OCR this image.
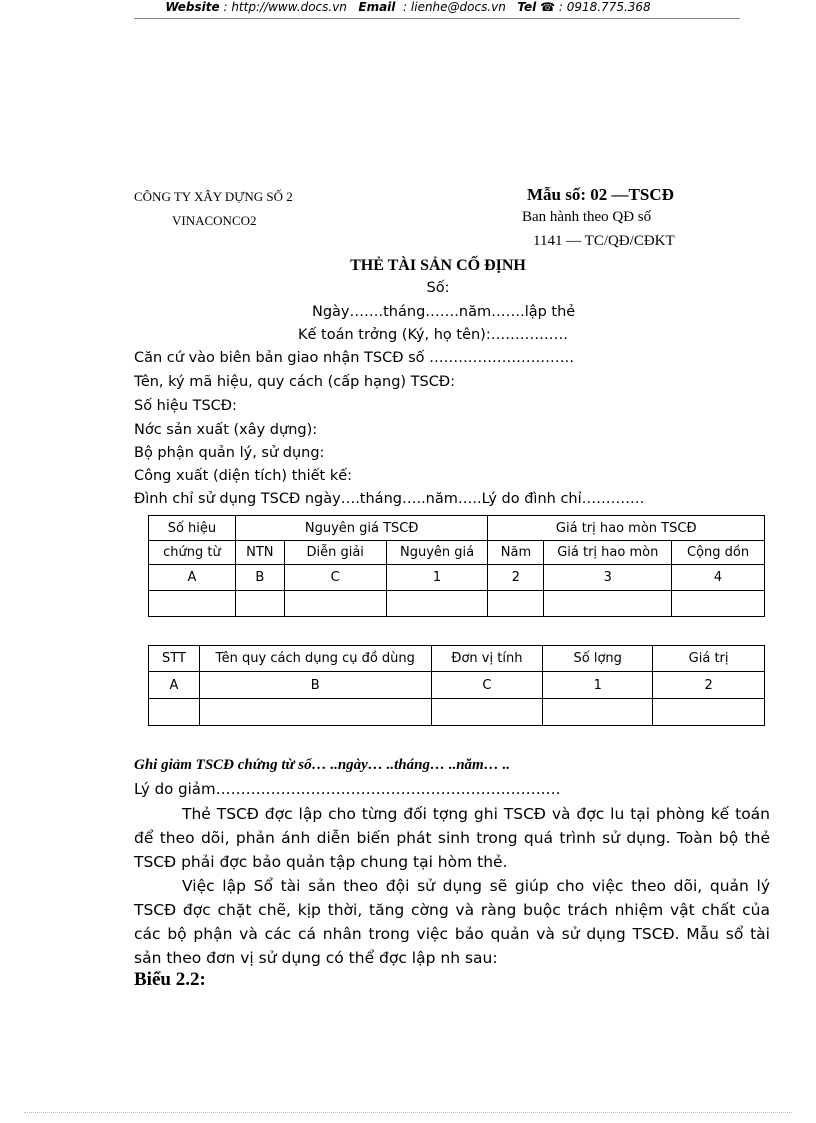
Website : http://www.docs.vn Email : lienhe@docs.vn Tel ☎ : 0918.775.368
CÔNG TY XÂY DỰNG SỐ 2
VINACONCO2
Mẫu số: 02 —TSCĐ
Ban hành theo QĐ số
1141 — TC/QĐ/CĐKT
THẺ TÀI SẢN CỐ ĐỊNH
Số:
Ngày…….tháng…….năm…….lập thẻ
Kế toán trởng (Ký, họ tên):…………….
Căn cứ vào biên bản giao nhận TSCĐ số …………………………
Tên, ký mã hiệu, quy cách (cấp hạng) TSCĐ:
Số hiệu TSCĐ:
Nớc sản xuất (xây dựng):
Bộ phận quản lý, sử dụng:
Công xuất (diện tích) thiết kế:
Đình chỉ sử dụng TSCĐ ngày….tháng…..năm…..Lý do đình chỉ………….
Số hiệu	Nguyên giá TSCĐ			Giá trị hao mòn TSCĐ		
chứng từ	NTN	Diễn giải	Nguyên giá	Năm	Giá trị hao mòn	Cộng dồn
A	B	C	1	2	3	4

STT	Tên quy cách dụng cụ đồ dùng	Đơn vị tính	Số lợng	Giá trị
A	B	C	1	2

Ghi giảm TSCĐ chứng từ số… ..ngày… ..tháng… ..năm… ..
Lý do giảm……………………………………………………………
Thẻ TSCĐ đợc lập cho từng đối tợng ghi TSCĐ và đợc lu tại phòng kế toán để theo dõi, phản ánh diễn biến phát sinh trong quá trình sử dụng. Toàn bộ thẻ TSCĐ phải đợc bảo quản tập chung tại hòm thẻ.
Việc lập Sổ tài sản theo đội sử dụng sẽ giúp cho việc theo dõi, quản lý TSCĐ đợc chặt chẽ, kịp thời, tăng cờng và ràng buộc trách nhiệm vật chất của các bộ phận và các cá nhân trong việc bảo quản và sử dụng TSCĐ. Mẫu sổ tài sản theo đơn vị sử dụng có thể đợc lập nh sau:
Biểu 2.2:
